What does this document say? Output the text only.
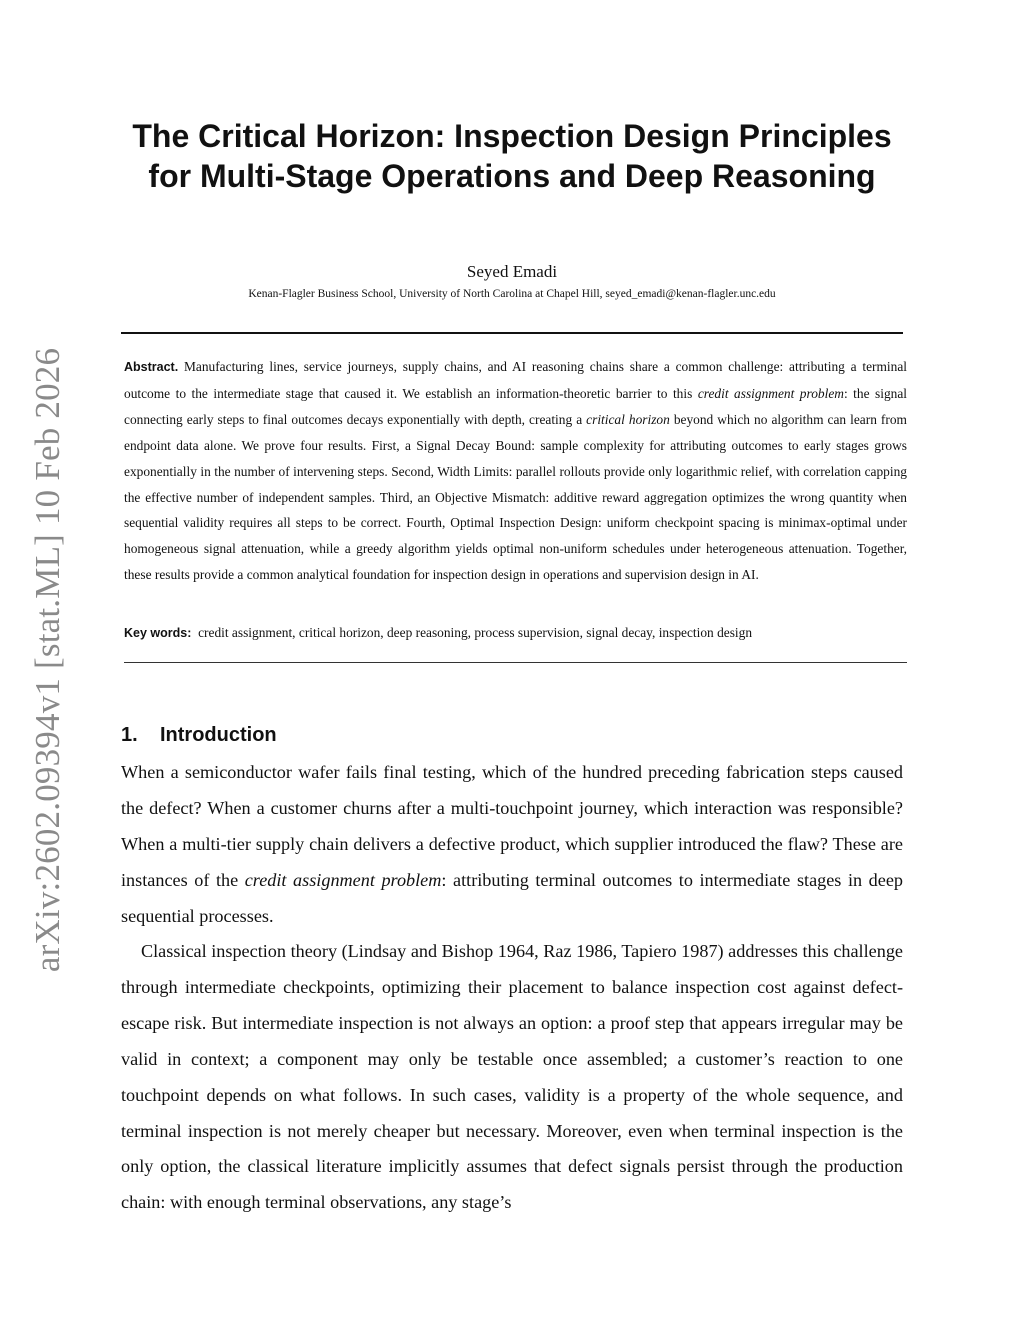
arXiv:2602.09394v1 [stat.ML] 10 Feb 2026
The Critical Horizon: Inspection Design Principles for Multi-Stage Operations and Deep Reasoning
Seyed Emadi
Kenan-Flagler Business School, University of North Carolina at Chapel Hill, seyed_emadi@kenan-flagler.unc.edu

Abstract. Manufacturing lines, service journeys, supply chains, and AI reasoning chains share a common challenge: attributing a terminal outcome to the intermediate stage that caused it. We establish an information-theoretic barrier to this credit assignment problem: the signal connecting early steps to final outcomes decays exponentially with depth, creating a critical horizon beyond which no algorithm can learn from endpoint data alone. We prove four results. First, a Signal Decay Bound: sample complexity for attributing outcomes to early stages grows exponentially in the number of intervening steps. Second, Width Limits: parallel rollouts provide only logarithmic relief, with correlation capping the effective number of independent samples. Third, an Objective Mismatch: additive reward aggregation optimizes the wrong quantity when sequential validity requires all steps to be correct. Fourth, Optimal Inspection Design: uniform checkpoint spacing is minimax-optimal under homogeneous signal attenuation, while a greedy algorithm yields optimal non-uniform schedules under heterogeneous attenuation. Together, these results provide a common analytical foundation for inspection design in operations and supervision design in AI.

Key words: credit assignment, critical horizon, deep reasoning, process supervision, signal decay, inspection design
1. Introduction

When a semiconductor wafer fails final testing, which of the hundred preceding fabrication steps caused the defect? When a customer churns after a multi-touchpoint journey, which interaction was responsible? When a multi-tier supply chain delivers a defective product, which supplier introduced the flaw? These are instances of the credit assignment problem: attributing terminal outcomes to intermediate stages in deep sequential processes.

Classical inspection theory (Lindsay and Bishop 1964, Raz 1986, Tapiero 1987) addresses this challenge through intermediate checkpoints, optimizing their placement to balance inspection cost against defect-escape risk. But intermediate inspection is not always an option: a proof step that appears irregular may be valid in context; a component may only be testable once assembled; a customer’s reaction to one touchpoint depends on what follows. In such cases, validity is a property of the whole sequence, and terminal inspection is not merely cheaper but necessary. Moreover, even when terminal inspection is the only option, the classical literature implicitly assumes that defect signals persist through the production chain: with enough terminal observations, any stage’s
